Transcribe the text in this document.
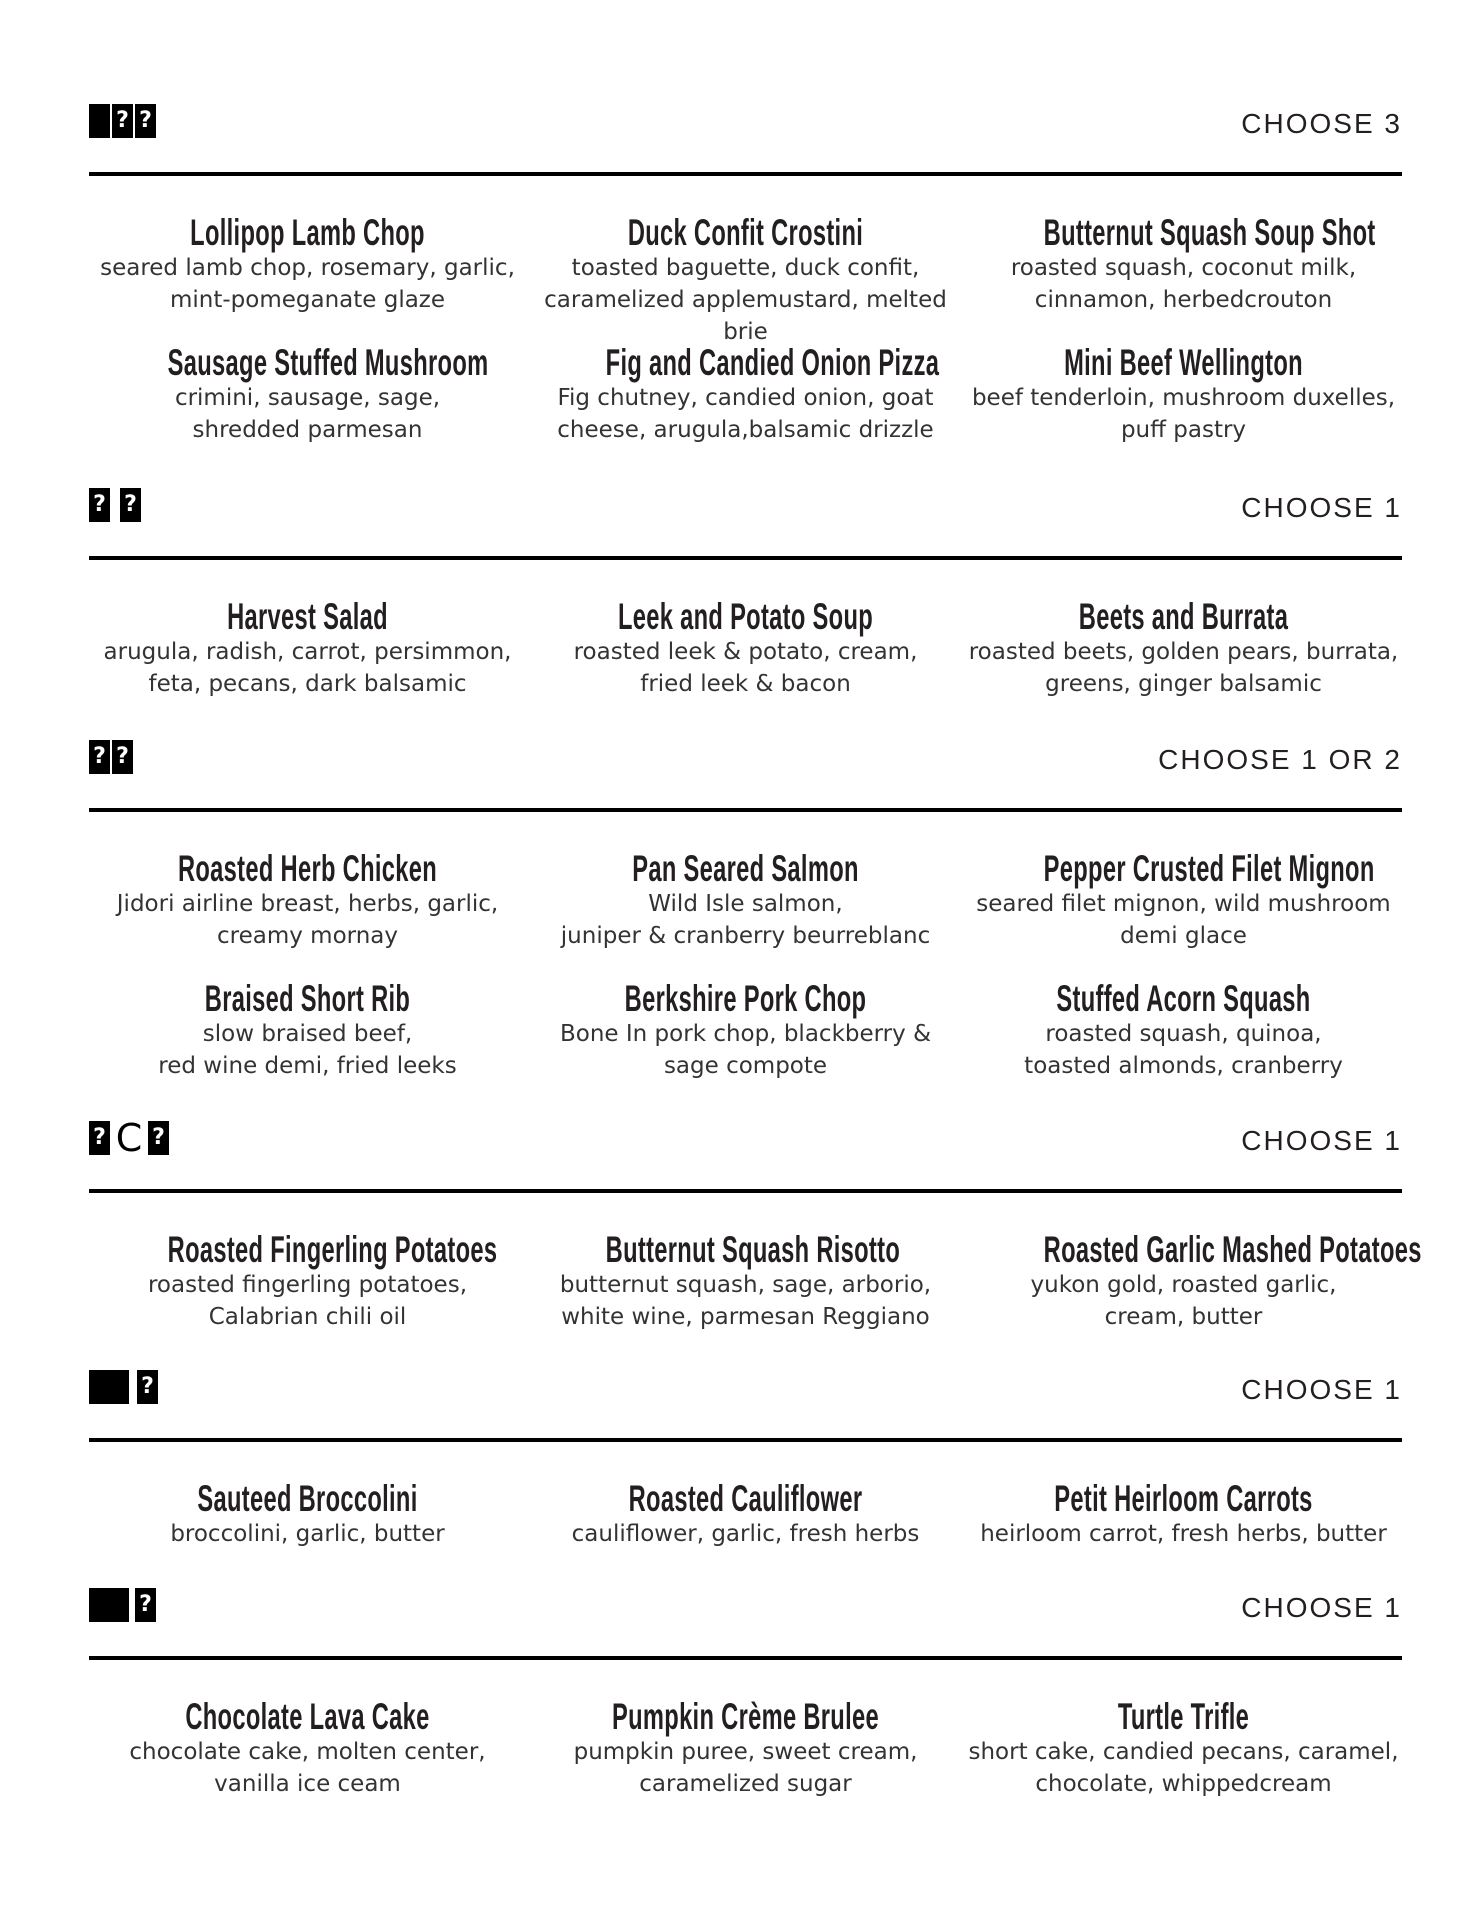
? ?	CHOOSE 3
Lollipop Lamb Chop
seared lamb chop, rosemary, garlic,
mint-pomeganate glaze
Duck Confit Crostini
toasted baguette, duck confit,
caramelized applemustard, melted brie
Butternut Squash Soup Shot
roasted squash, coconut milk,
cinnamon, herbedcrouton
Sausage Stuffed Mushroom
crimini, sausage, sage,
shredded parmesan
Fig and Candied Onion Pizza
Fig chutney, candied onion, goat
cheese, arugula,balsamic drizzle
Mini Beef Wellington
beef tenderloin, mushroom duxelles,
puff pastry
? ?	CHOOSE 1
Harvest Salad
arugula, radish, carrot, persimmon,
feta, pecans, dark balsamic
Leek and Potato Soup
roasted leek & potato, cream,
fried leek & bacon
Beets and Burrata
roasted beets, golden pears, burrata,
greens, ginger balsamic
? ?	CHOOSE 1 OR 2
Roasted Herb Chicken
Jidori airline breast, herbs, garlic,
creamy mornay
Pan Seared Salmon
Wild Isle salmon,
juniper & cranberry beurreblanc
Pepper Crusted Filet Mignon
seared filet mignon, wild mushroom
demi glace
Braised Short Rib
slow braised beef,
red wine demi, fried leeks
Berkshire Pork Chop
Bone In pork chop, blackberry &
sage compote
Stuffed Acorn Squash
roasted squash, quinoa,
toasted almonds, cranberry
? C ?	CHOOSE 1
Roasted Fingerling Potatoes
roasted fingerling potatoes,
Calabrian chili oil
Butternut Squash Risotto
butternut squash, sage, arborio,
white wine, parmesan Reggiano
Roasted Garlic Mashed Potatoes
yukon gold, roasted garlic,
cream, butter
?	CHOOSE 1
Sauteed Broccolini
broccolini, garlic, butter
Roasted Cauliflower
cauliflower, garlic, fresh herbs
Petit Heirloom Carrots
heirloom carrot, fresh herbs, butter
?	CHOOSE 1
Chocolate Lava Cake
chocolate cake, molten center,
vanilla ice ceam
Pumpkin Crème Brulee
pumpkin puree, sweet cream,
caramelized sugar
Turtle Trifle
short cake, candied pecans, caramel,
chocolate, whippedcream
